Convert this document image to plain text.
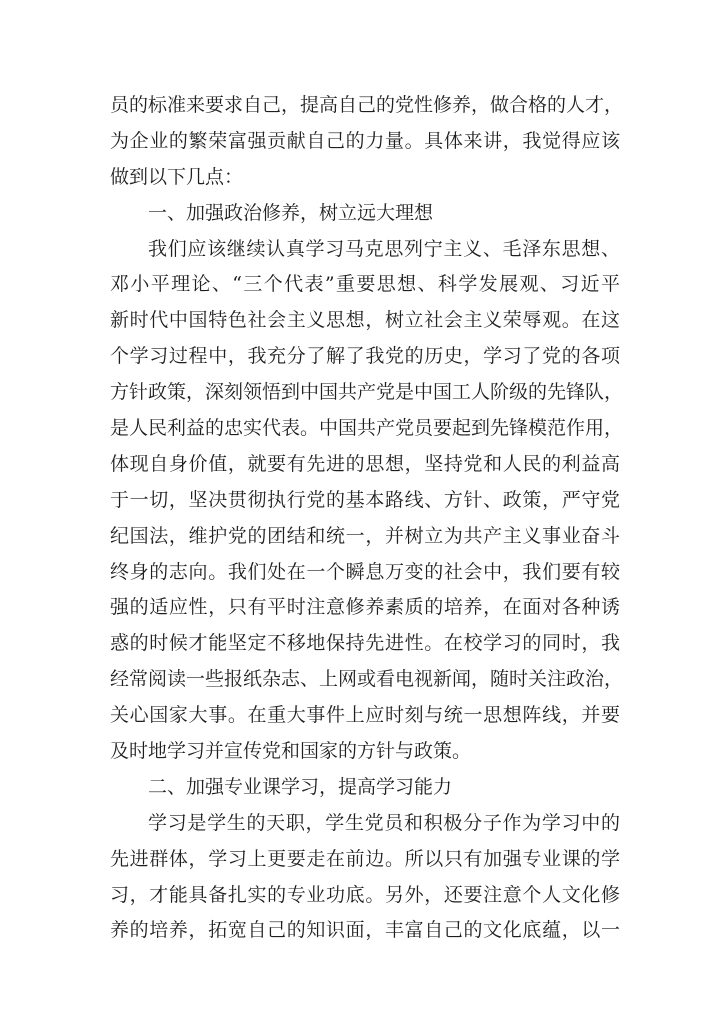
员的标准来要求自己，提高自己的党性修养，做合格的人才，
为企业的繁荣富强贡献自己的力量。具体来讲，我觉得应该
做到以下几点：
一、加强政治修养，树立远大理想
我们应该继续认真学习马克思列宁主义、毛泽东思想、
邓小平理论、“三个代表”重要思想、科学发展观、习近平
新时代中国特色社会主义思想，树立社会主义荣辱观。在这
个学习过程中，我充分了解了我党的历史，学习了党的各项
方针政策，深刻领悟到中国共产党是中国工人阶级的先锋队，
是人民利益的忠实代表。中国共产党员要起到先锋模范作用，
体现自身价值，就要有先进的思想，坚持党和人民的利益高
于一切，坚决贯彻执行党的基本路线、方针、政策，严守党
纪国法，维护党的团结和统一，并树立为共产主义事业奋斗
终身的志向。我们处在一个瞬息万变的社会中，我们要有较
强的适应性，只有平时注意修养素质的培养，在面对各种诱
惑的时候才能坚定不移地保持先进性。在校学习的同时，我
经常阅读一些报纸杂志、上网或看电视新闻，随时关注政治，
关心国家大事。在重大事件上应时刻与统一思想阵线，并要
及时地学习并宣传党和国家的方针与政策。
二、加强专业课学习，提高学习能力
学习是学生的天职，学生党员和积极分子作为学习中的
先进群体，学习上更要走在前边。所以只有加强专业课的学
习，才能具备扎实的专业功底。另外，还要注意个人文化修
养的培养，拓宽自己的知识面，丰富自己的文化底蕴，以一
